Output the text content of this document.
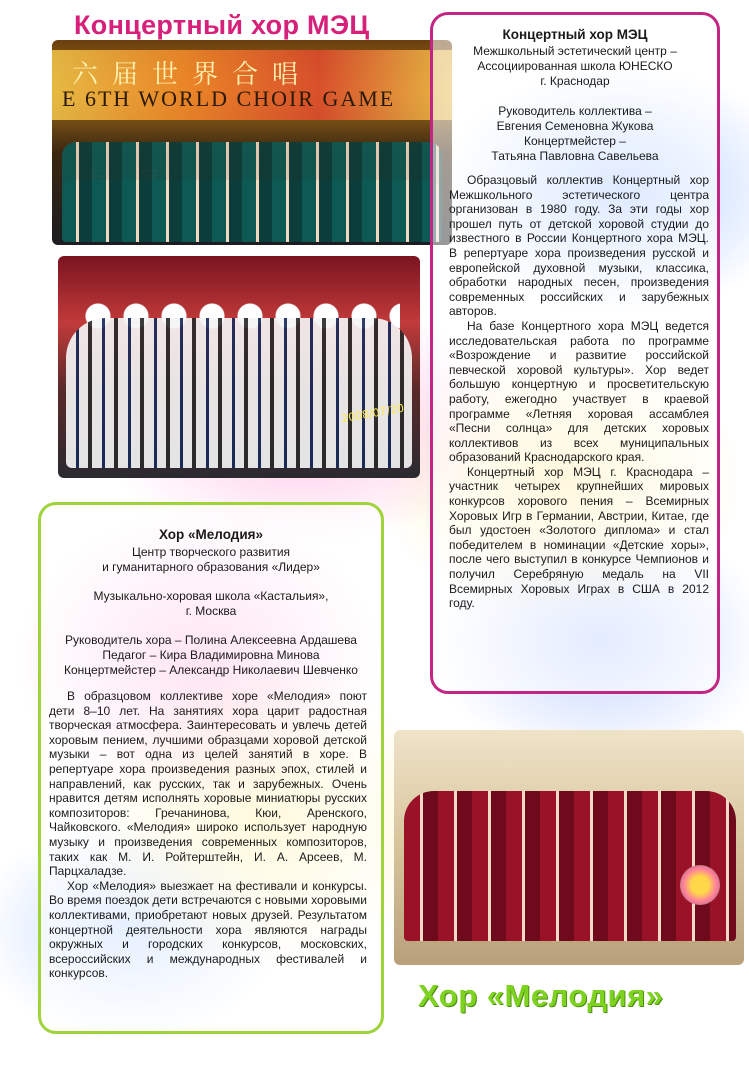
Концертный хор МЭЦ
六届世界合唱
E 6TH WORLD CHOIR GAME
2008/07/20
Концертный хор МЭЦ
Межшкольный эстетический центр –
Ассоциированная школа ЮНЕСКО
г. Краснодар
Руководитель коллектива –
Евгения Семеновна Жукова
Концертмейстер –
Татьяна Павловна Савельева

Образцовый коллектив Концертный хор Межшкольного эстетического центра организован в 1980 году. За эти годы хор прошел путь от детской хоровой студии до известного в России Концертного хора МЭЦ. В репертуаре хора произведения русской и европейской духовной музыки, классика, обработки народных песен, произведения современных российских и зарубежных авторов.

На базе Концертного хора МЭЦ ведется исследовательская работа по программе «Возрождение и развитие российской певческой хоровой культуры». Хор ведет большую концертную и просветительскую работу, ежегодно участвует в краевой программе «Летняя хоровая ассамблея «Песни солнца» для детских хоровых коллективов из всех муниципальных образований Краснодарского края.

Концертный хор МЭЦ г. Краснодара – участник четырех крупнейших мировых конкурсов хорового пения – Всемирных Хоровых Игр в Германии, Австрии, Китае, где был удостоен «Золотого диплома» и стал победителем в номинации «Детские хоры», после чего выступил в конкурсе Чемпионов и получил Серебряную медаль на VII Всемирных Хоровых Играх в США в 2012 году.

Хор «Мелодия»
Центр творческого развития
и гуманитарного образования «Лидер»
Музыкально-хоровая школа «Кастальия»,
г. Москва
Руководитель хора – Полина Алексеевна Ардашева
Педагог – Кира Владимировна Минова
Концертмейстер – Александр Николаевич Шевченко

В образцовом коллективе хоре «Мелодия» поют дети 8–10 лет. На занятиях хора царит радостная творческая атмосфера. Заинтересовать и увлечь детей хоровым пением, лучшими образцами хоровой детской музыки – вот одна из целей занятий в хоре. В репертуаре хора произведения разных эпох, стилей и направлений, как русских, так и зарубежных. Очень нравится детям исполнять хоровые миниатюры русских композиторов: Гречанинова, Кюи, Аренского, Чайковского. «Мелодия» широко использует народную музыку и произведения современных композиторов, таких как М. И. Ройтерштейн, И. А. Арсеев, М. Парцхаладзе.

Хор «Мелодия» выезжает на фестивали и конкурсы. Во время поездок дети встречаются с новыми хоровыми коллективами, приобретают новых друзей. Результатом концертной деятельности хора являются награды окружных и городских конкурсов, московских, всероссийских и международных фестивалей и конкурсов.

Хор «Мелодия»
